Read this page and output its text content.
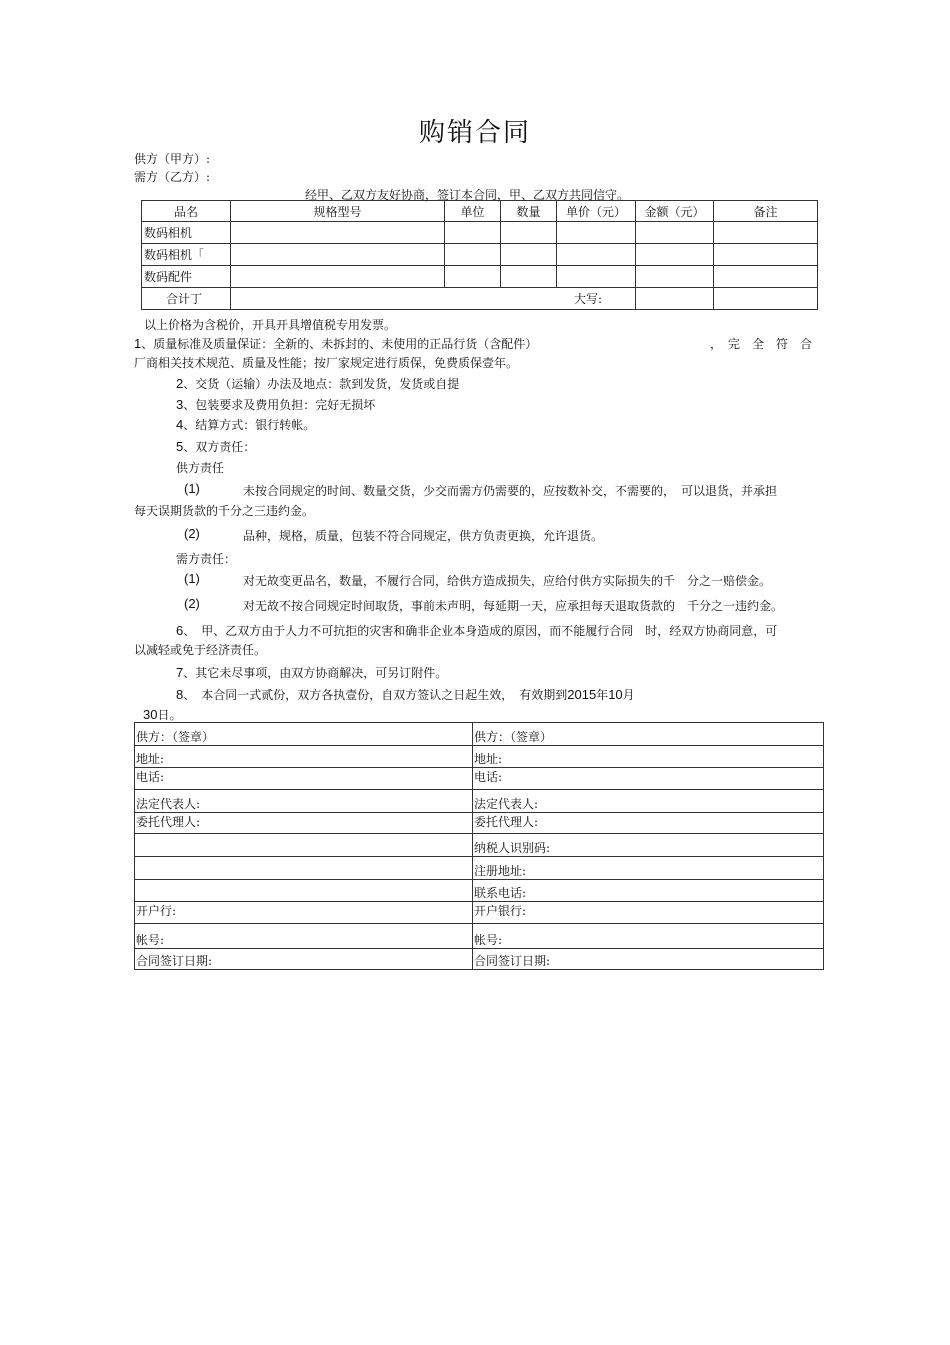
购销合同
供方（甲方）:
需方（乙方）:
经甲、乙双方友好协商，签订本合同，甲、乙双方共同信守。
品名	规格型号	单位	数量	单价（元）	金额（元）	备注
数码相机						
数码相机「						
数码配件						
合计丁	大写:					
以上价格为含税价，开具开具增值税专用发票。
1、质量标准及质量保证：全新的、未拆封的、未使用的正品行货（含配件）	，　完　全　符　合
厂商相关技术规范、质量及性能；按厂家规定进行质保，免费质保壹年。
2、交货（运输）办法及地点：款到发货，发货或自提
3、包装要求及费用负担：完好无损坏
4、结算方式：银行转帐。
5、双方责任：
供方责任
(1)	未按合同规定的时间、数量交货，少交而需方仍需要的，应按数补交，不需要的，　可以退货，并承担
每天误期货款的千分之三违约金。
(2)	品种，规格，质量，包装不符合同规定，供方负责更换，允许退货。
需方责任：
(1)	对无故变更品名，数量，不履行合同，给供方造成损失，应给付供方实际损失的千　分之一赔偿金。
(2)	对无故不按合同规定时间取货，事前未声明，每延期一天，应承担每天退取货款的　千分之一违约金。
6、　甲、乙双方由于人力不可抗拒的灾害和确非企业本身造成的原因，而不能履行合同　时，经双方协商同意，可
以减轻或免于经济责任。
7、其它未尽事项，由双方协商解决，可另订附件。
8、　本合同一式贰份，双方各执壹份，自双方签认之日起生效，　有效期到2015年10月
30日。
供方：（签章）	供方：（签章）
地址:	地址:
电话:	电话:
法定代表人:	法定代表人:
委托代理人:	委托代理人:
	纳税人识别码:
	注册地址:
	联系电话:
开户行:	开户银行:
帐号:	帐号:
合同签订日期:	合同签订日期:
